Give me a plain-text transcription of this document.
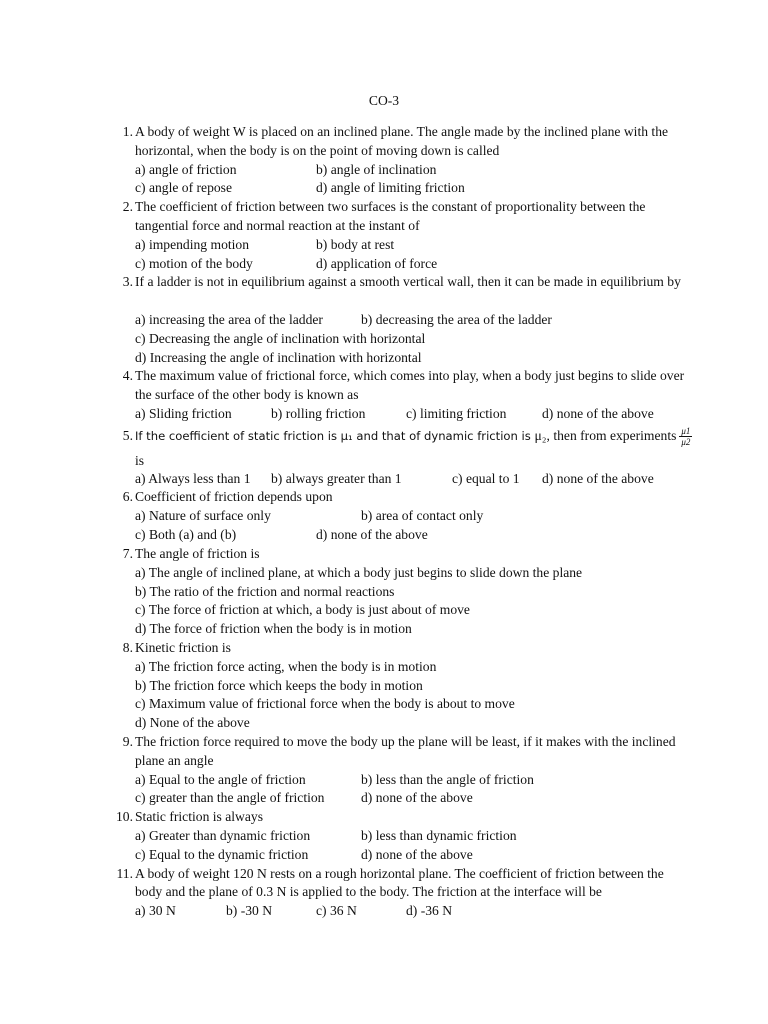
CO-3
1. A body of weight W is placed on an inclined plane. The angle made by the inclined plane with the horizontal, when the body is on the point of moving down is called
a) angle of friction	b) angle of inclination
c) angle of repose	d) angle of limiting friction
2. The coefficient of friction between two surfaces is the constant of proportionality between the tangential force and normal reaction at the instant of
a) impending motion	b) body at rest
c) motion of the body	d) application of force
3. If a ladder is not in equilibrium against a smooth vertical wall, then it can be made in equilibrium by
a) increasing the area of the ladder	b) decreasing the area of the ladder
c) Decreasing the angle of inclination with horizontal
d) Increasing the angle of inclination with horizontal
4. The maximum value of frictional force, which comes into play, when a body just begins to slide over the surface of the other body is known as
a) Sliding friction	b) rolling friction	c) limiting friction	d) none of the above
5. If the coefficient of static friction is μ₁ and that of dynamic friction is μ₂, then from experiments $\frac{\mu 1}{\mu 2}$
is
a) Always less than 1 b) always greater than 1	c) equal to 1 d) none of the above
6. Coefficient of friction depends upon
a) Nature of surface only	b) area of contact only
c) Both (a) and (b)	d) none of the above
7. The angle of friction is
a) The angle of inclined plane, at which a body just begins to slide down the plane
b) The ratio of the friction and normal reactions
c) The force of friction at which, a body is just about of move
d) The force of friction when the body is in motion
8. Kinetic friction is
a) The friction force acting, when the body is in motion
b) The friction force which keeps the body in motion
c) Maximum value of frictional force when the body is about to move
d) None of the above
9. The friction force required to move the body up the plane will be least, if it makes with the inclined plane an angle
a) Equal to the angle of friction	b) less than the angle of friction
c) greater than the angle of friction	d) none of the above
10. Static friction is always
a) Greater than dynamic friction	b) less than dynamic friction
c) Equal to the dynamic friction	d) none of the above
11. A body of weight 120 N rests on a rough horizontal plane. The coefficient of friction between the body and the plane of 0.3 N is applied to the body. The friction at the interface will be
a) 30 N	b) -30 N	c) 36 N	d) -36 N
